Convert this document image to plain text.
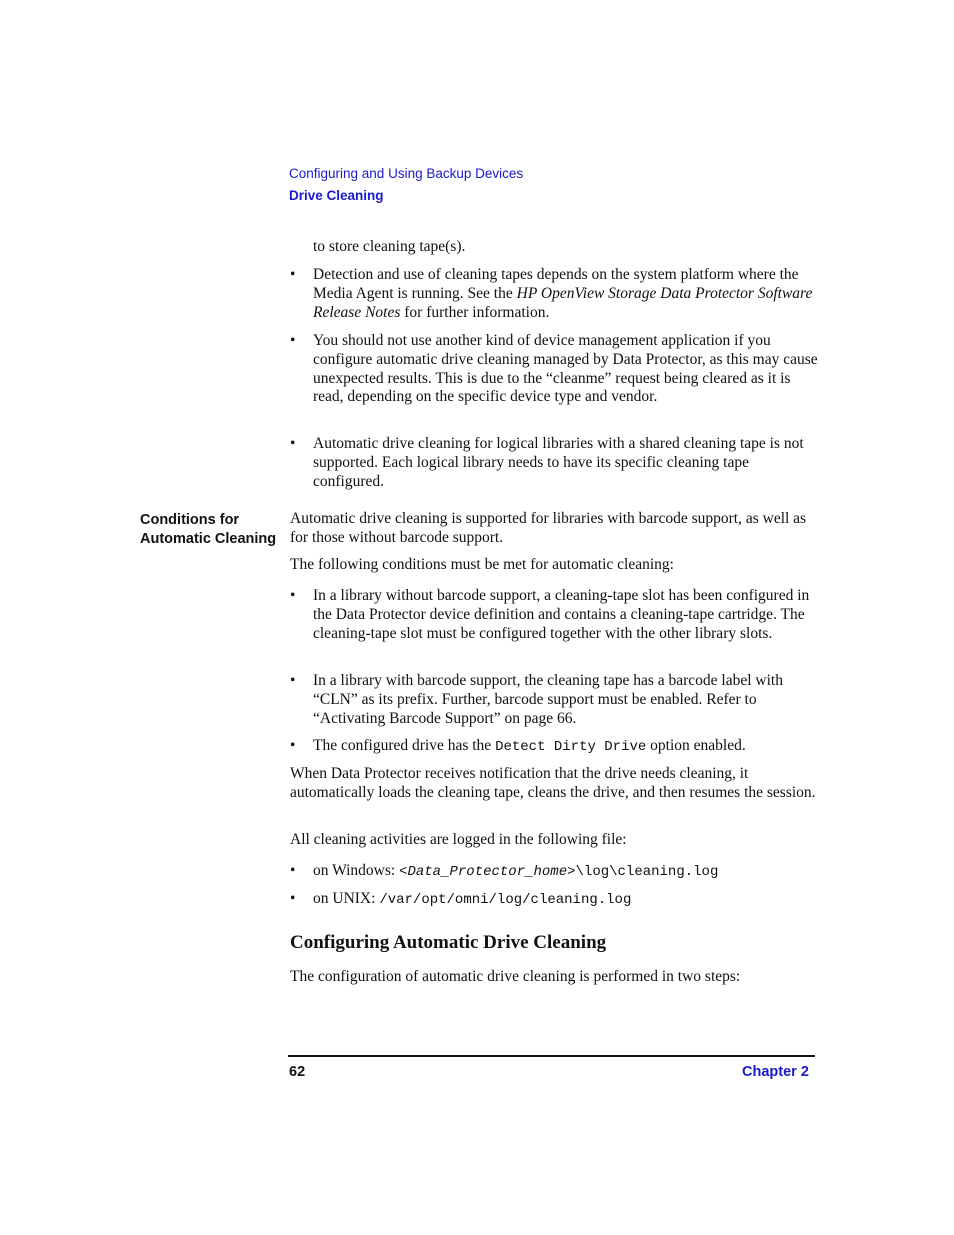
Configuring and Using Backup Devices
Drive Cleaning
to store cleaning tape(s).
• Detection and use of cleaning tapes depends on the system platform where the Media Agent is running. See the HP OpenView Storage Data Protector Software Release Notes for further information.
• You should not use another kind of device management application if you configure automatic drive cleaning managed by Data Protector, as this may cause unexpected results. This is due to the “cleanme” request being cleared as it is read, depending on the specific device type and vendor.
• Automatic drive cleaning for logical libraries with a shared cleaning tape is not supported. Each logical library needs to have its specific cleaning tape configured.
Conditions for Automatic Cleaning
Automatic drive cleaning is supported for libraries with barcode support, as well as for those without barcode support.
The following conditions must be met for automatic cleaning:
• In a library without barcode support, a cleaning-tape slot has been configured in the Data Protector device definition and contains a cleaning-tape cartridge. The cleaning-tape slot must be configured together with the other library slots.
• In a library with barcode support, the cleaning tape has a barcode label with “CLN” as its prefix. Further, barcode support must be enabled. Refer to “Activating Barcode Support” on page 66.
• The configured drive has the Detect Dirty Drive option enabled.
When Data Protector receives notification that the drive needs cleaning, it automatically loads the cleaning tape, cleans the drive, and then resumes the session.
All cleaning activities are logged in the following file:
• on Windows: <Data_Protector_home>\log\cleaning.log
• on UNIX: /var/opt/omni/log/cleaning.log
Configuring Automatic Drive Cleaning
The configuration of automatic drive cleaning is performed in two steps:
62	Chapter 2
